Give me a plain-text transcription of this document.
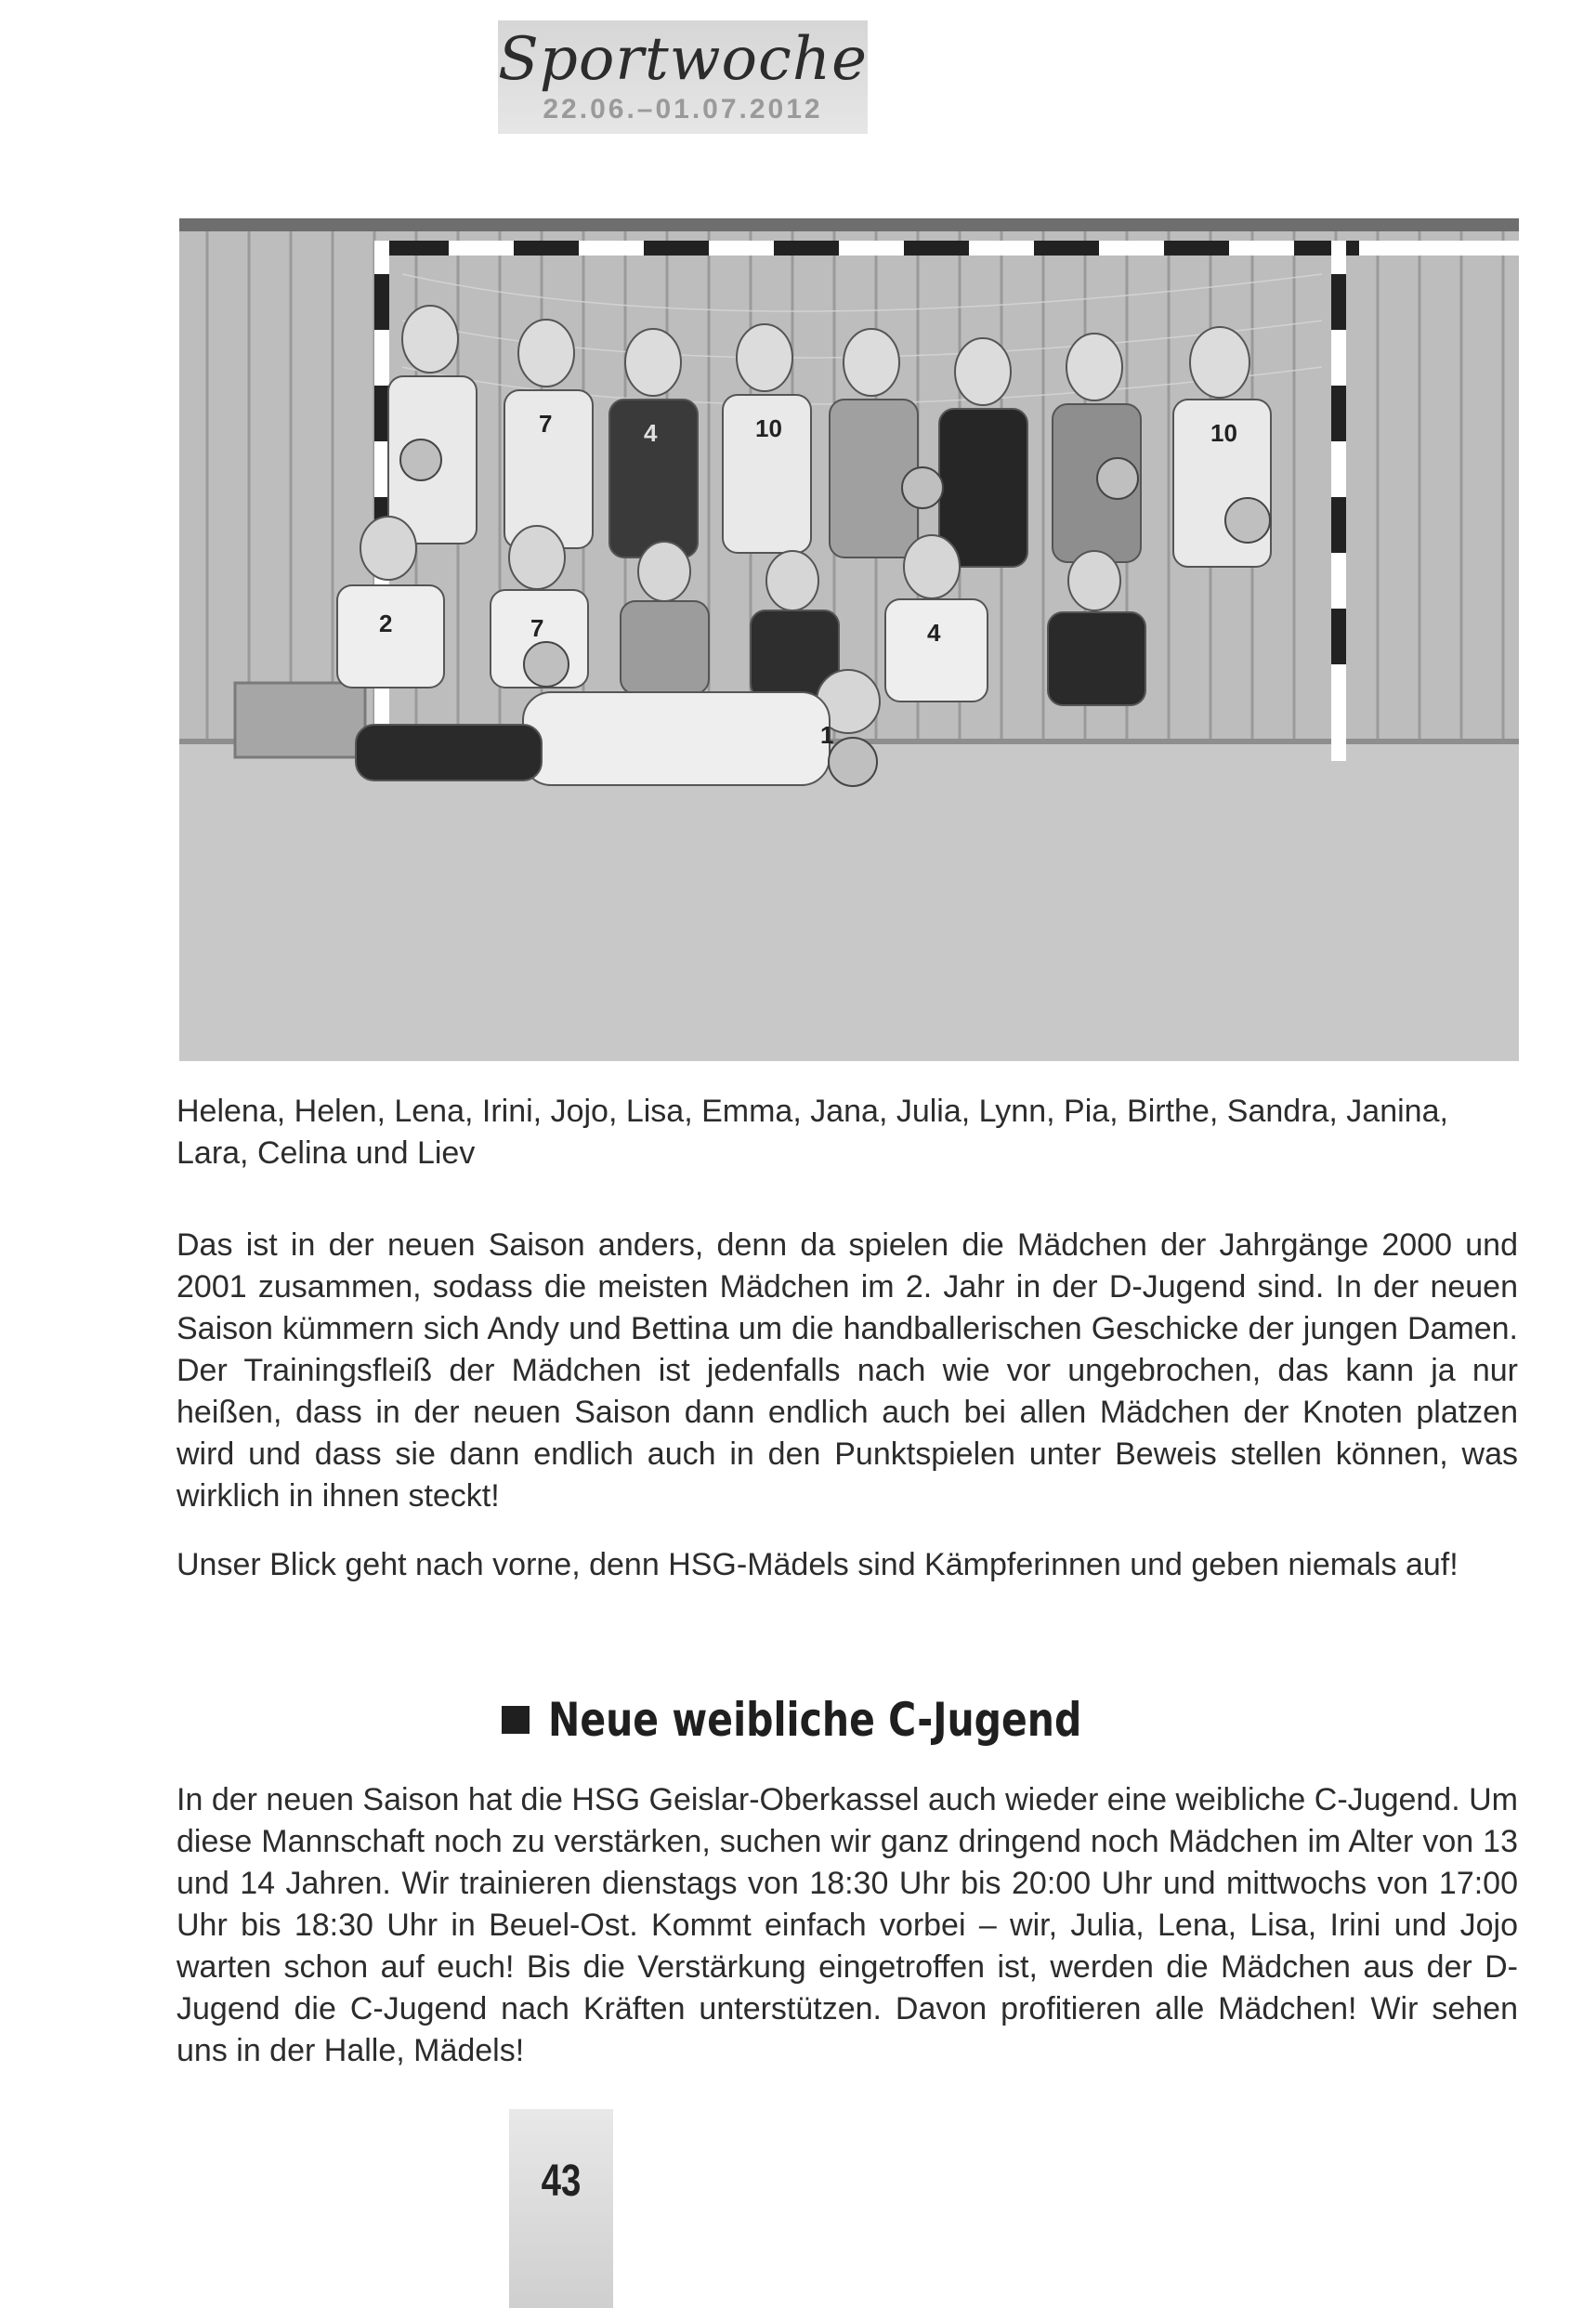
Sportwoche
22.06.–01.07.2012
7	4	10	10
2	7	4
1
Helena, Helen, Lena, Irini, Jojo, Lisa, Emma, Jana, Julia, Lynn, Pia, Birthe, Sandra, Janina, Lara, Celina und Liev
Das ist in der neuen Saison anders, denn da spielen die Mädchen der Jahrgänge 2000 und 2001 zusammen, sodass die meisten Mädchen im 2. Jahr in der D-Jugend sind. In der neuen Saison kümmern sich Andy und Bettina um die handballerischen Geschicke der jungen Damen. Der Trainingsfleiß der Mädchen ist jedenfalls nach wie vor ungebrochen, das kann ja nur heißen, dass in der neuen Saison dann endlich auch bei allen Mädchen der Knoten platzen wird und dass sie dann endlich auch in den Punktspielen unter Beweis stellen können, was wirklich in ihnen steckt!
Unser Blick geht nach vorne, denn HSG-Mädels sind Kämpferinnen und geben niemals auf!
Neue weibliche C-Jugend
In der neuen Saison hat die HSG Geislar-Oberkassel auch wieder eine weibliche C-Jugend. Um diese Mannschaft noch zu verstärken, suchen wir ganz dringend noch Mädchen im Alter von 13 und 14 Jahren. Wir trainieren dienstags von 18:30 Uhr bis 20:00 Uhr und mittwochs von 17:00 Uhr bis 18:30 Uhr in Beuel-Ost. Kommt einfach vorbei – wir, Julia, Lena, Lisa, Irini und Jojo warten schon auf euch! Bis die Verstärkung eingetroffen ist, werden die Mädchen aus der D-Jugend die C-Jugend nach Kräften unterstützen. Davon profitieren alle Mädchen! Wir sehen uns in der Halle, Mädels!
43
